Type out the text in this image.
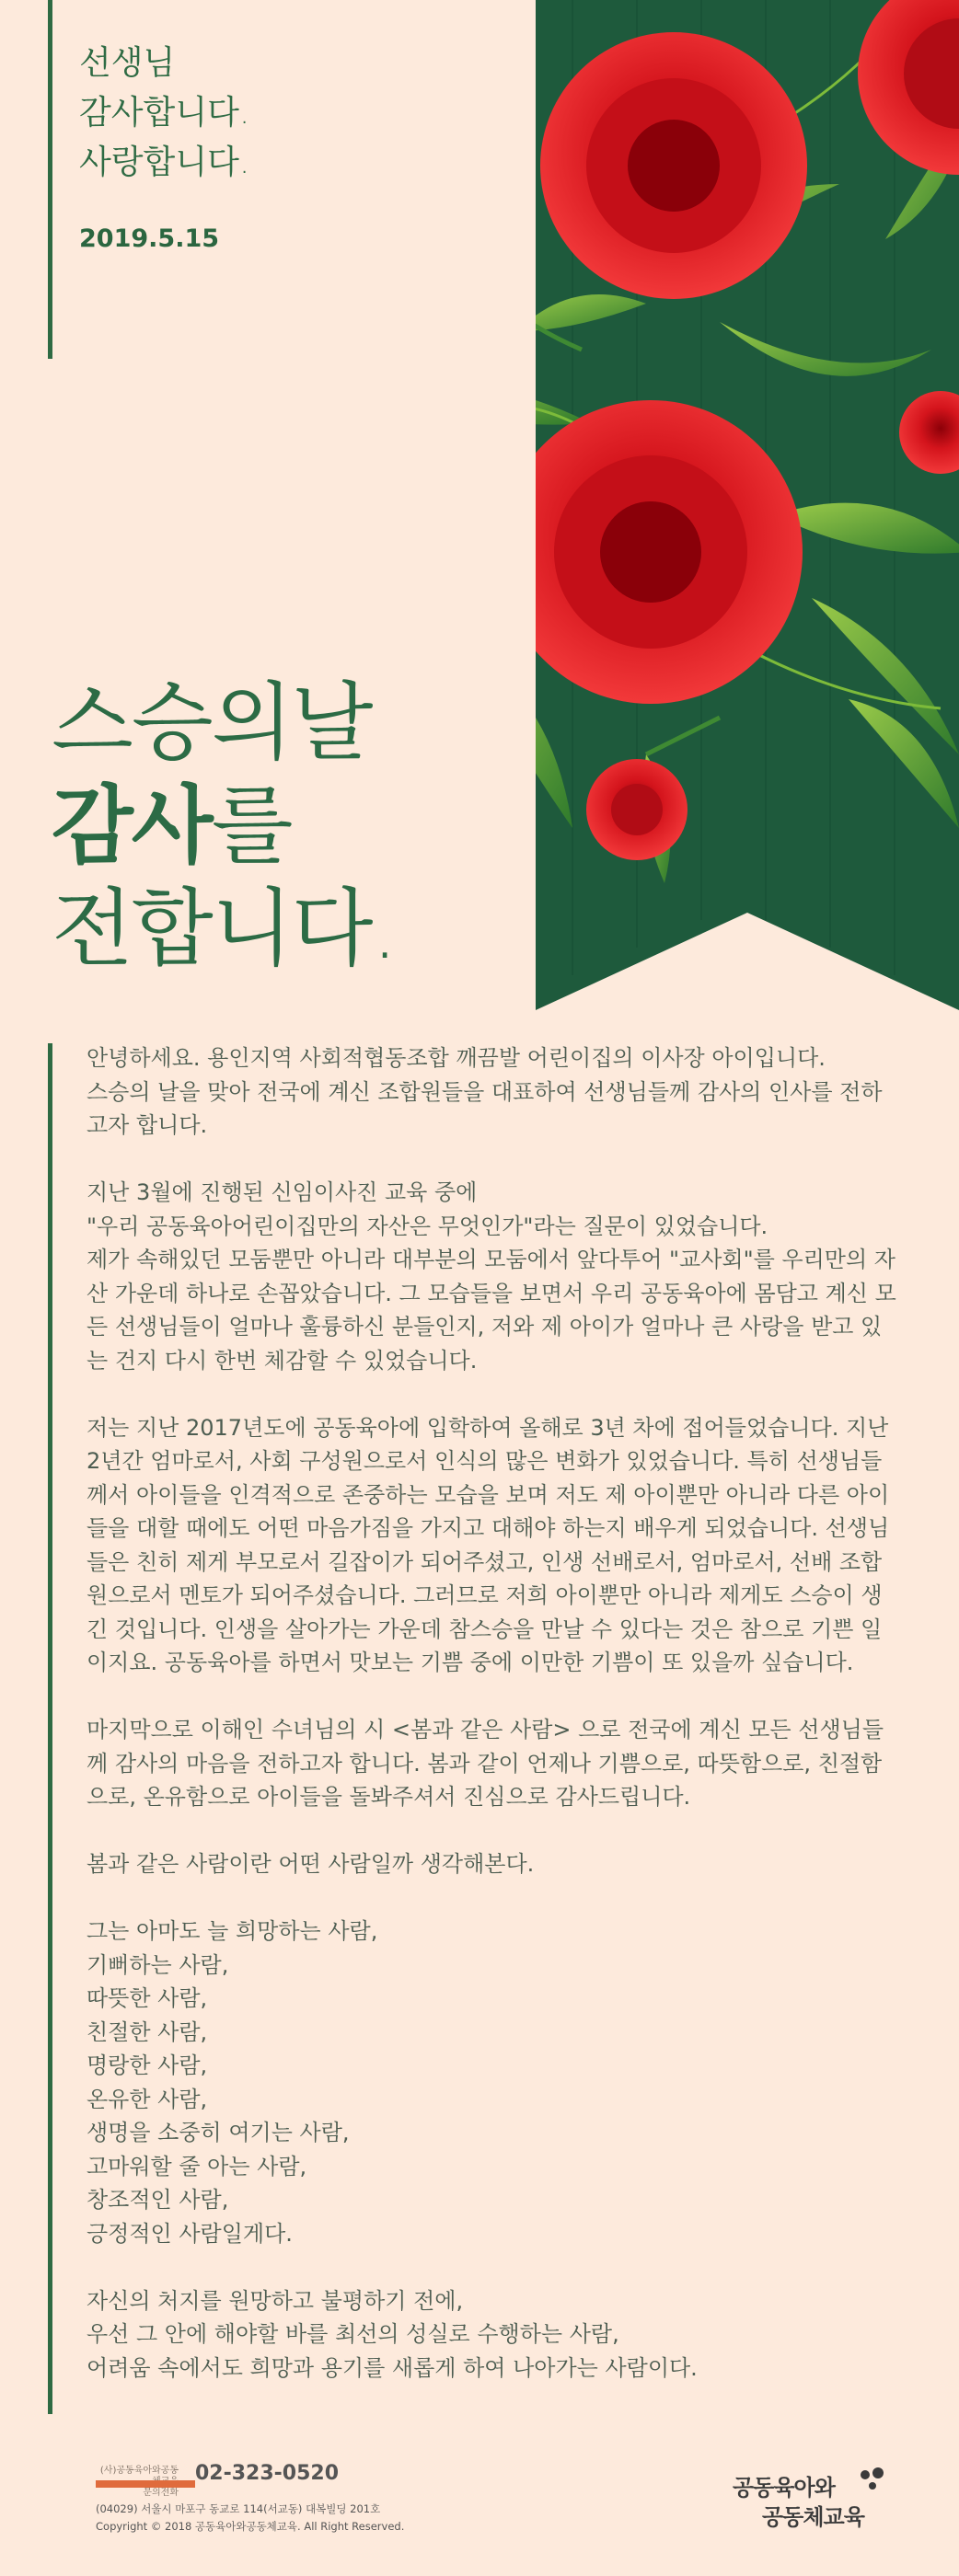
선생님
감사합니다.
사랑합니다.
2019.5.15
스승의날
감사를
전합니다.

안녕하세요. 용인지역 사회적협동조합 깨끔발 어린이집의 이사장 아이입니다.
스승의 날을 맞아 전국에 계신 조합원들을 대표하여 선생님들께 감사의 인사를 전하고자 합니다.

지난 3월에 진행된 신임이사진 교육 중에
"우리 공동육아어린이집만의 자산은 무엇인가"라는 질문이 있었습니다.
제가 속해있던 모둠뿐만 아니라 대부분의 모둠에서 앞다투어 "교사회"를 우리만의 자산 가운데 하나로 손꼽았습니다. 그 모습들을 보면서 우리 공동육아에 몸담고 계신 모든 선생님들이 얼마나 훌륭하신 분들인지, 저와 제 아이가 얼마나 큰 사랑을 받고 있는 건지 다시 한번 체감할 수 있었습니다.

저는 지난 2017년도에 공동육아에 입학하여 올해로 3년 차에 접어들었습니다. 지난 2년간 엄마로서, 사회 구성원으로서 인식의 많은 변화가 있었습니다. 특히 선생님들께서 아이들을 인격적으로 존중하는 모습을 보며 저도 제 아이뿐만 아니라 다른 아이들을 대할 때에도 어떤 마음가짐을 가지고 대해야 하는지 배우게 되었습니다. 선생님들은 친히 제게 부모로서 길잡이가 되어주셨고, 인생 선배로서, 엄마로서, 선배 조합원으로서 멘토가 되어주셨습니다. 그러므로 저희 아이뿐만 아니라 제게도 스승이 생긴 것입니다. 인생을 살아가는 가운데 참스승을 만날 수 있다는 것은 참으로 기쁜 일이지요. 공동육아를 하면서 맛보는 기쁨 중에 이만한 기쁨이 또 있을까 싶습니다.

마지막으로 이해인 수녀님의 시 <봄과 같은 사람> 으로 전국에 계신 모든 선생님들께 감사의 마음을 전하고자 합니다. 봄과 같이 언제나 기쁨으로, 따뜻함으로, 친절함으로, 온유함으로 아이들을 돌봐주셔서 진심으로 감사드립니다.

봄과 같은 사람이란 어떤 사람일까 생각해본다.

그는 아마도 늘 희망하는 사람,
기뻐하는 사람,
따뜻한 사람,
친절한 사람,
명랑한 사람,
온유한 사람,
생명을 소중히 여기는 사람,
고마워할 줄 아는 사람,
창조적인 사람,
긍정적인 사람일게다.

자신의 처지를 원망하고 불평하기 전에,
우선 그 안에 해야할 바를 최선의 성실로 수행하는 사람,
어려움 속에서도 희망과 용기를 새롭게 하여 나아가는 사람이다.

(사)공동육아와공동
문의전화
02-323-0520
(04029) 서울시 마포구 동교로 114(서교동) 대복빌딩 201호
Copyright © 2018 공동육아와공동체교육. All Right Reserved.
공동육아와
공동체교육
